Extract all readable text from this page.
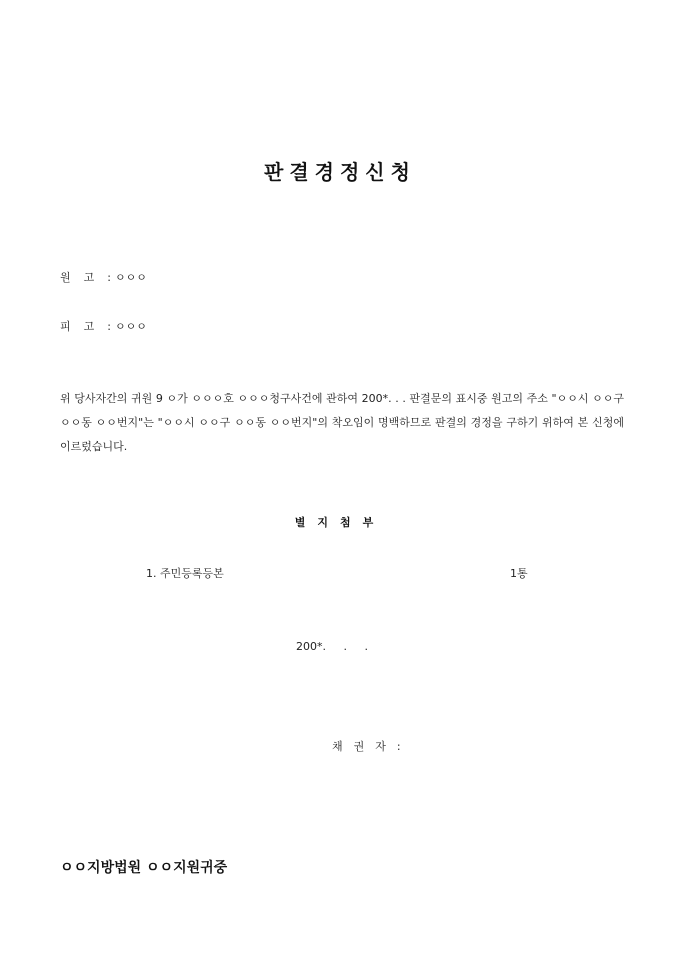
판결경정신청
원고: ㅇㅇㅇ
피고: ㅇㅇㅇ
위 당사자간의 귀원 9 ㅇ가 ㅇㅇㅇ호 ㅇㅇㅇ청구사건에 관하여 200*. . . 판결문의 표시중 원고의 주소 "ㅇㅇ시 ㅇㅇ구 ㅇㅇ동 ㅇㅇ번지"는 "ㅇㅇ시 ㅇㅇ구 ㅇㅇ동 ㅇㅇ번지"의 착오임이 명백하므로 판결의 경정을 구하기 위하여 본 신청에 이르렀습니다.
별지첨부
1. 주민등록등본	1통
200*.     .     .
채권자:
ㅇㅇ지방법원 ㅇㅇ지원귀중
